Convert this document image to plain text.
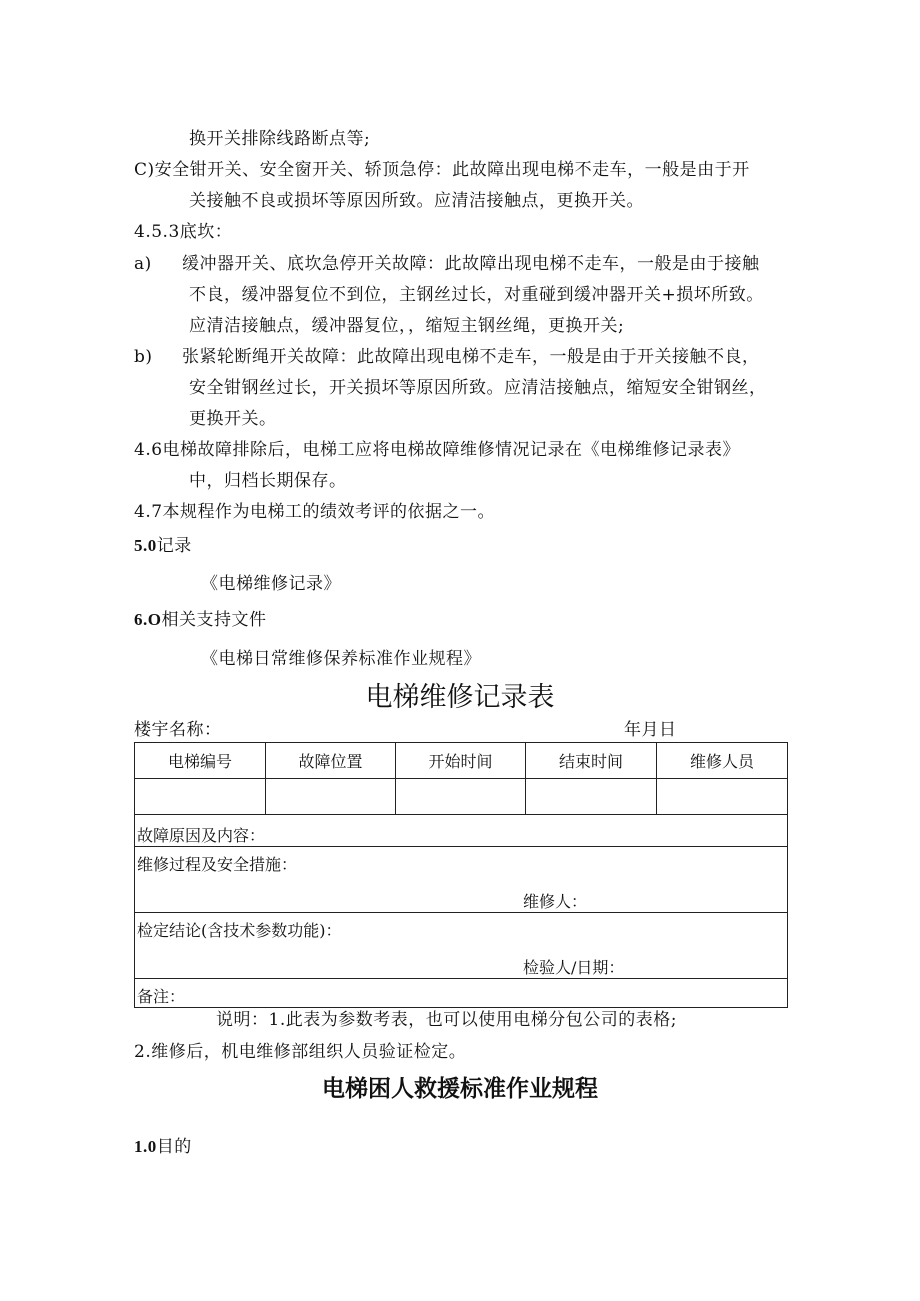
换开关排除线路断点等;
C)安全钳开关、安全窗开关、轿顶急停：此故障出现电梯不走车，一般是由于开
关接触不良或损坏等原因所致。应清洁接触点，更换开关。
4.5.3底坎：
a) 缓冲器开关、底坎急停开关故障：此故障出现电梯不走车，一般是由于接触
不良，缓冲器复位不到位，主钢丝过长，对重碰到缓冲器开关+损坏所致。
应清洁接触点，缓冲器复位，，缩短主钢丝绳，更换开关;
b) 张紧轮断绳开关故障：此故障出现电梯不走车，一般是由于开关接触不良，
安全钳钢丝过长，开关损坏等原因所致。应清洁接触点，缩短安全钳钢丝，
更换开关。
4.6电梯故障排除后，电梯工应将电梯故障维修情况记录在《电梯维修记录表》
中，归档长期保存。
4.7本规程作为电梯工的绩效考评的依据之一。
5.0记录
《电梯维修记录》
6.O相关支持文件
《电梯日常维修保养标准作业规程》
电梯维修记录表
楼宇名称：	年月日
电梯编号	故障位置	开始时间	结束时间	维修人员

故障原因及内容：				
维修过程及安全措施：
维修人：				

检定结论(含技术参数功能)：
检验人/日期：				

备注：				
说明：1.此表为参数考表，也可以使用电梯分包公司的表格;
2.维修后，机电维修部组织人员验证检定。
电梯困人救援标准作业规程
1.0目的
